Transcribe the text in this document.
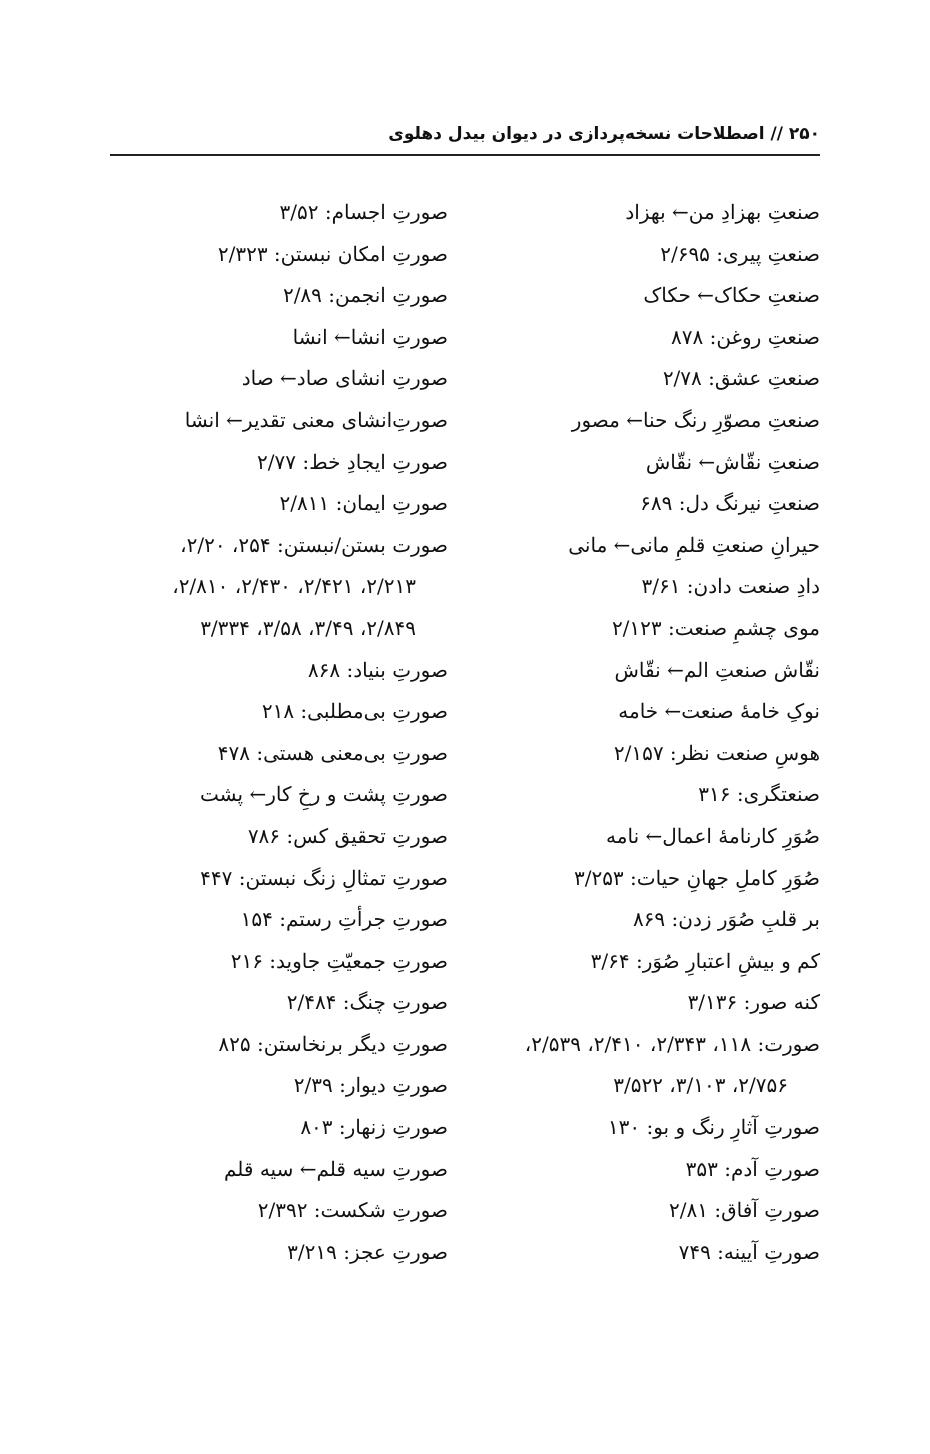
۲۵۰ // اصطلاحات نسخه‌پردازی در دیوان بیدل دهلوی
صنعتِ بهزادِ من← بهزاد
صنعتِ پیری: ۲/۶۹۵
صنعتِ حکاک← حکاک
صنعتِ روغن: ۸۷۸
صنعتِ عشق: ۲/۷۸
صنعتِ مصوّرِ رنگ حنا← مصور
صنعتِ نقّاش← نقّاش
صنعتِ نیرنگ دل: ۶۸۹
حیرانِ صنعتِ قلمِ مانی← مانی
دادِ صنعت دادن: ۳/۶۱
موی چشمِ صنعت: ۲/۱۲۳
نقّاش صنعتِ الم← نقّاش
نوکِ خامهٔ صنعت← خامه
هوسِ صنعت نظر: ۲/۱۵۷
صنعتگری: ۳۱۶
صُوَرِ کارنامهٔ اعمال← نامه
صُوَرِ کاملِ جهانِ حیات: ۳/۲۵۳
بر قلبِ صُوَر زدن: ۸۶۹
کم و بیشِ اعتبارِ صُوَر: ۳/۶۴
کنه صور: ۳/۱۳۶
صورت: ۱۱۸، ۲/۳۴۳، ۲/۴۱۰، ۲/۵۳۹،
۲/۷۵۶، ۳/۱۰۳، ۳/۵۲۲
صورتِ آثارِ رنگ و بو: ۱۳۰
صورتِ آدم: ۳۵۳
صورتِ آفاق: ۲/۸۱
صورتِ آیینه: ۷۴۹
صورتِ اجسام: ۳/۵۲
صورتِ امکان نبستن: ۲/۳۲۳
صورتِ انجمن: ۲/۸۹
صورتِ انشا← انشا
صورتِ انشای صاد← صاد
صورتِ‌انشای معنی تقدیر← انشا
صورتِ ایجادِ خط: ۲/۷۷
صورتِ ایمان: ۲/۸۱۱
صورت بستن/نبستن: ۲۵۴، ۲/۲۰،
۲/۲۱۳، ۲/۴۲۱، ۲/۴۳۰، ۲/۸۱۰،
۲/۸۴۹، ۳/۴۹، ۳/۵۸، ۳/۳۳۴
صورتِ بنیاد: ۸۶۸
صورتِ بی‌مطلبی: ۲۱۸
صورتِ بی‌معنی هستی: ۴۷۸
صورتِ پشت و رخِ کار← پشت
صورتِ تحقیق کس: ۷۸۶
صورتِ تمثالِ زنگ نبستن: ۴۴۷
صورتِ جرأتِ رستم: ۱۵۴
صورتِ جمعیّتِ جاوید: ۲۱۶
صورتِ چنگ: ۲/۴۸۴
صورتِ دیگر برنخاستن: ۸۲۵
صورتِ دیوار: ۲/۳۹
صورتِ زنهار: ۸۰۳
صورتِ سیه قلم← سیه قلم
صورتِ شکست: ۲/۳۹۲
صورتِ عجز: ۳/۲۱۹
